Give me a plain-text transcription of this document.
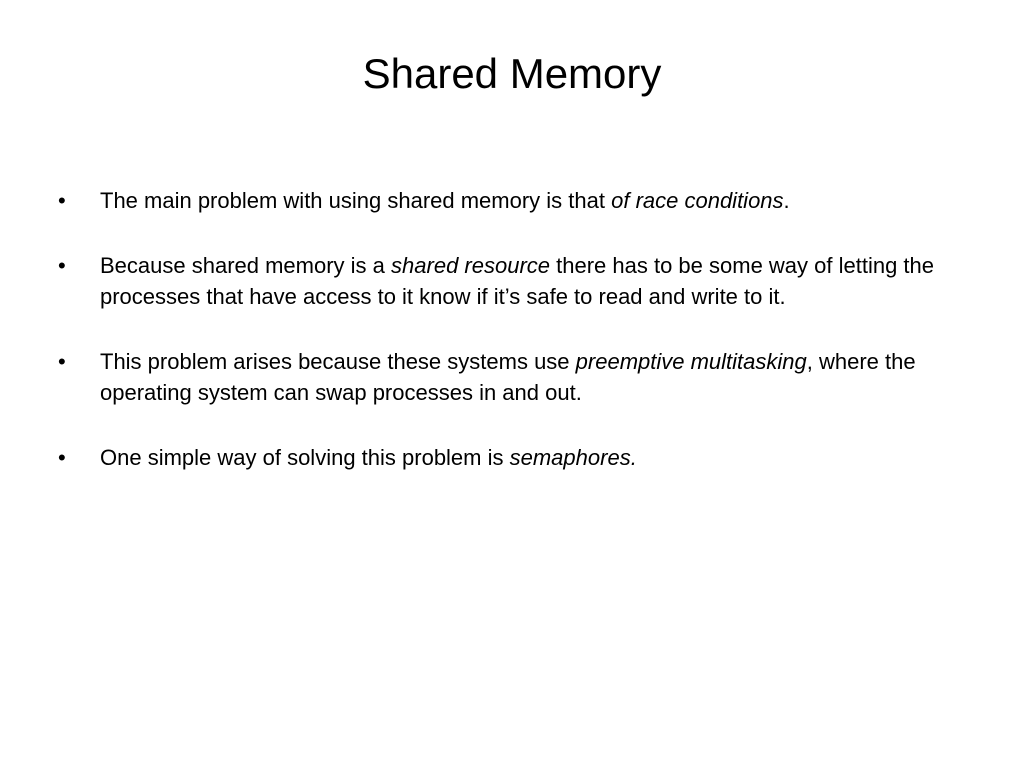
Shared Memory
• The main problem with using shared memory is that of race conditions.
• Because shared memory is a shared resource there has to be some way of letting the processes that have access to it know if it’s safe to read and write to it.
• This problem arises because these systems use preemptive multitasking, where the operating system can swap processes in and out.
• One simple way of solving this problem is semaphores.
